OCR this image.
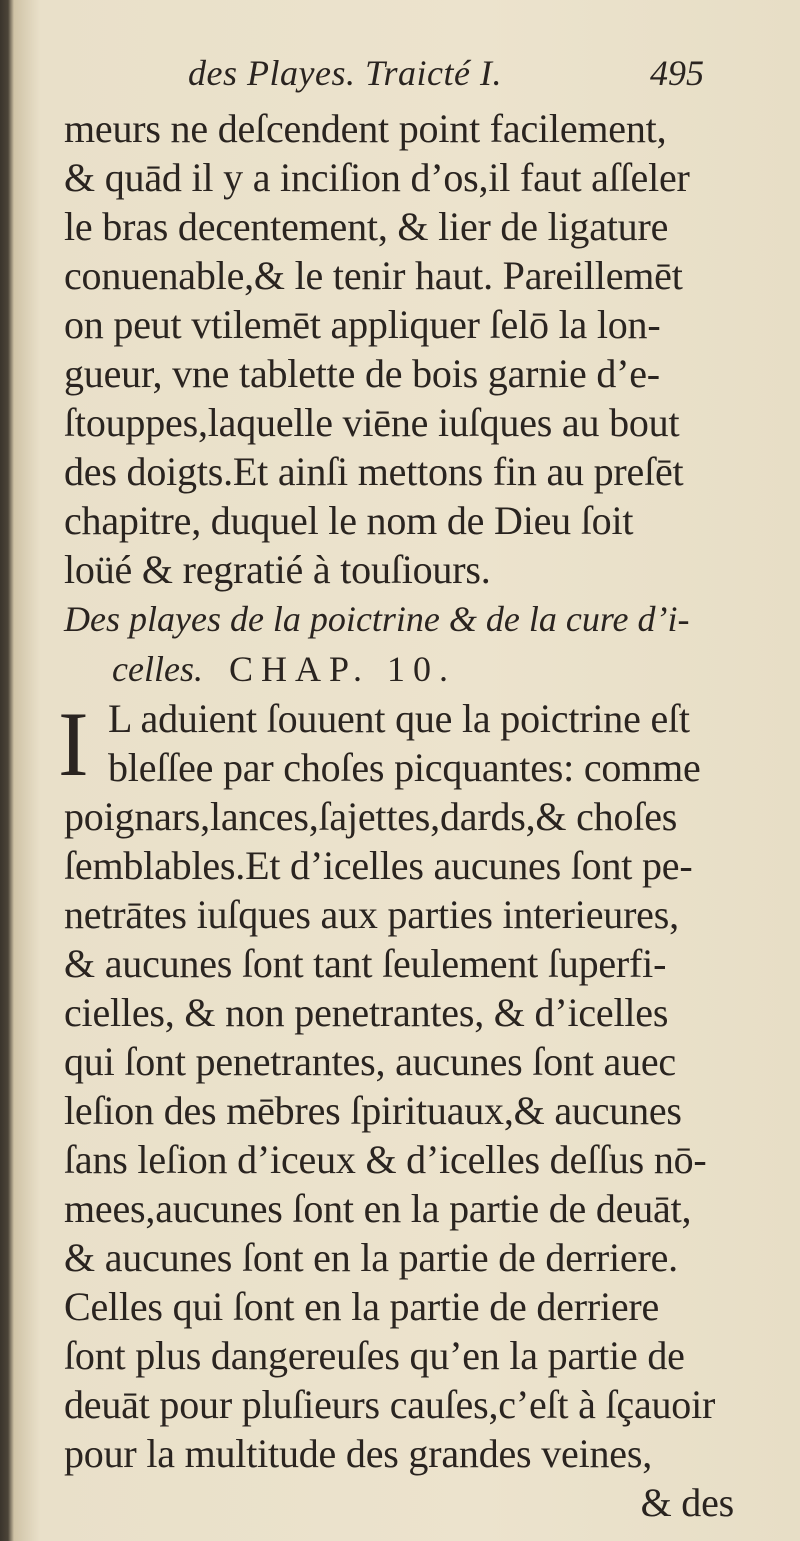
des Playes. Traicté I.	495
meurs ne deſcendent point facilement,
& quād il y a inciſion d’os,il faut aſſeler
le bras decentement, & lier de ligature
conuenable,& le tenir haut. Pareillemēt
on peut vtilemēt appliquer ſelō la lon-
gueur, vne tablette de bois garnie d’e-
ſtouppes,laquelle viēne iuſques au bout
des doigts.Et ainſi mettons fin au preſēt
chapitre, duquel le nom de Dieu ſoit
loüé & regratié à touſiours.
Des playes de la poictrine & de la cure d’i-
celles. CHAP. 10.
I L aduient ſouuent que la poictrine eſt
bleſſee par choſes picquantes: comme
poignars,lances,ſajettes,dards,& choſes
ſemblables.Et d’icelles aucunes ſont pe-
netrātes iuſques aux parties interieures,
& aucunes ſont tant ſeulement ſuperfi-
cielles, & non penetrantes, & d’icelles
qui ſont penetrantes, aucunes ſont auec
leſion des mēbres ſpirituaux,& aucunes
ſans leſion d’iceux & d’icelles deſſus nō-
mees,aucunes ſont en la partie de deuāt,
& aucunes ſont en la partie de derriere.
Celles qui ſont en la partie de derriere
ſont plus dangereuſes qu’en la partie de
deuāt pour pluſieurs cauſes,c’eſt à ſçauoir
pour la multitude des grandes veines,
& des
